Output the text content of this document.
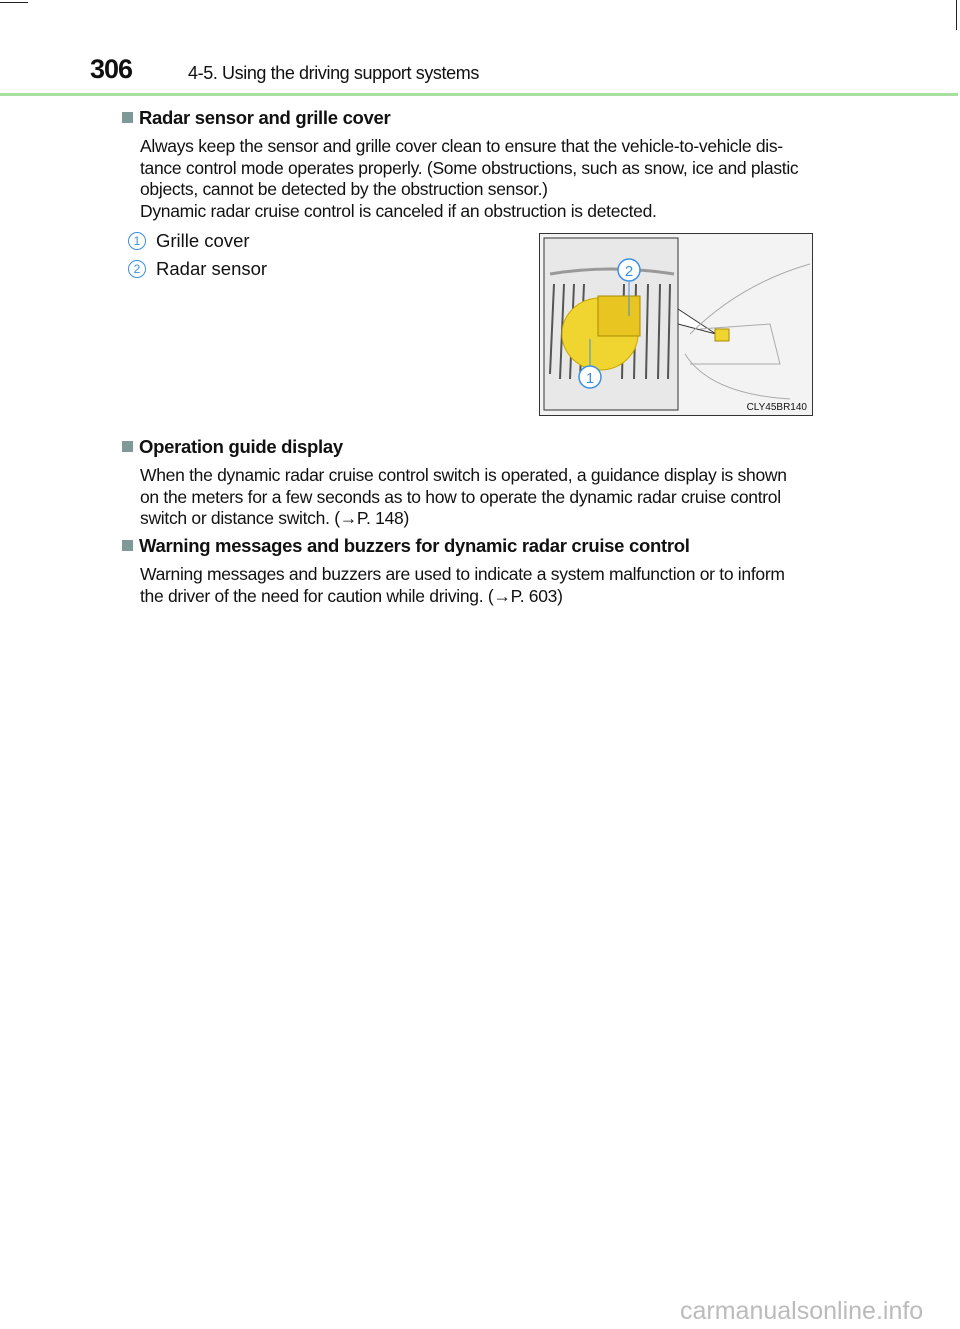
306	4-5. Using the driving support systems
Radar sensor and grille cover
Always keep the sensor and grille cover clean to ensure that the vehicle-to-vehicle dis-
tance control mode operates properly. (Some obstructions, such as snow, ice and plastic
objects, cannot be detected by the obstruction sensor.)
Dynamic radar cruise control is canceled if an obstruction is detected.
1 Grille cover
2 Radar sensor	2
1
CLY45BR140
Operation guide display
When the dynamic radar cruise control switch is operated, a guidance display is shown
on the meters for a few seconds as to how to operate the dynamic radar cruise control
switch or distance switch. (→P. 148)
Warning messages and buzzers for dynamic radar cruise control
Warning messages and buzzers are used to indicate a system malfunction or to inform
the driver of the need for caution while driving. (→P. 603)
carmanualsonline.info
